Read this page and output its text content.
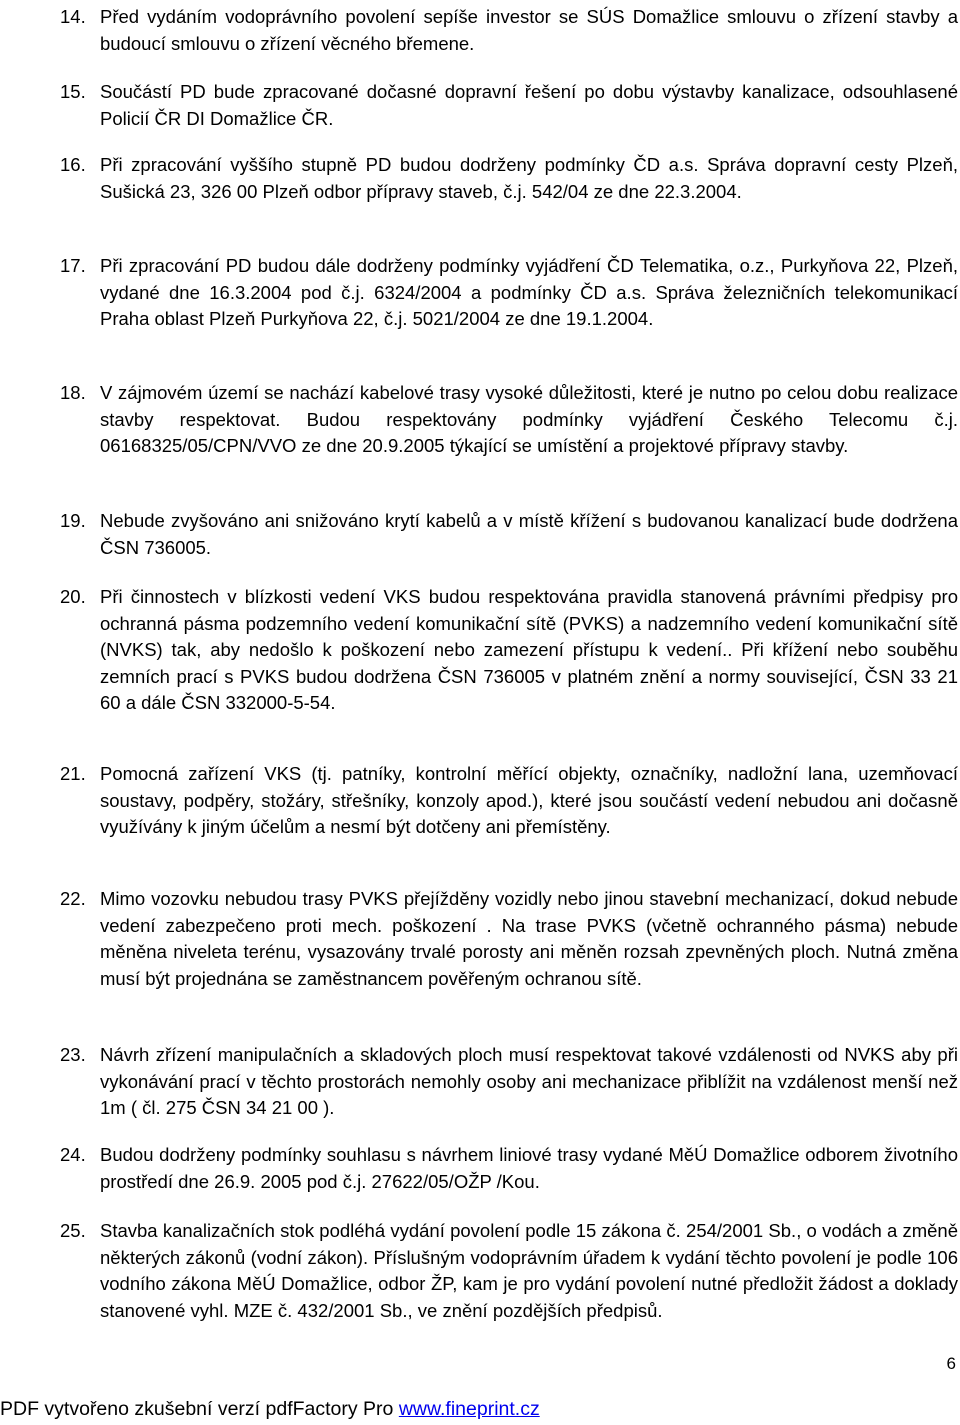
14. Před vydáním vodoprávního povolení sepíše investor se SÚS Domažlice smlouvu o zřízení stavby a budoucí smlouvu o zřízení věcného břemene.
15. Součástí PD bude zpracované dočasné dopravní řešení po dobu výstavby kanalizace, odsouhlasené Policií ČR DI Domažlice ČR.
16. Při zpracování vyššího stupně PD budou dodrženy podmínky ČD a.s. Správa dopravní cesty Plzeň, Sušická 23, 326 00 Plzeň odbor přípravy staveb, č.j. 542/04 ze dne 22.3.2004.
17. Při zpracování PD budou dále dodrženy podmínky vyjádření ČD Telematika, o.z., Purkyňova 22, Plzeň, vydané dne 16.3.2004 pod č.j. 6324/2004 a podmínky ČD a.s. Správa železničních telekomunikací Praha oblast Plzeň Purkyňova 22, č.j. 5021/2004 ze dne 19.1.2004.
18. V zájmovém území se nachází kabelové trasy vysoké důležitosti, které je nutno po celou dobu realizace stavby respektovat. Budou respektovány podmínky vyjádření Českého Telecomu č.j. 06168325/05/CPN/VVO ze dne 20.9.2005 týkající se umístění a projektové přípravy stavby.
19. Nebude zvyšováno ani snižováno krytí kabelů a v místě křížení s budovanou kanalizací bude dodržena ČSN 736005.
20. Při činnostech v blízkosti vedení VKS budou respektována pravidla stanovená právními předpisy pro ochranná pásma podzemního vedení komunikační sítě (PVKS) a nadzemního vedení komunikační sítě (NVKS) tak, aby nedošlo k poškození nebo zamezení přístupu k vedení.. Při křížení nebo souběhu zemních prací s PVKS budou dodržena ČSN 736005 v platném znění a normy související, ČSN 33 21 60 a dále ČSN 332000-5-54.
21. Pomocná zařízení VKS (tj. patníky, kontrolní měřící objekty, označníky, nadložní lana, uzemňovací soustavy, podpěry, stožáry, střešníky, konzoly apod.), které jsou součástí vedení nebudou ani dočasně využívány k jiným účelům a nesmí být dotčeny ani přemístěny.
22. Mimo vozovku nebudou trasy PVKS přejížděny vozidly nebo jinou stavební mechanizací, dokud nebude vedení zabezpečeno proti mech. poškození . Na trase PVKS (včetně ochranného pásma) nebude měněna niveleta terénu, vysazovány trvalé porosty ani měněn rozsah zpevněných ploch. Nutná změna musí být projednána se zaměstnancem pověřeným ochranou sítě.
23. Návrh zřízení manipulačních a skladových ploch musí respektovat takové vzdálenosti od NVKS aby při vykonávání prací v těchto prostorách nemohly osoby ani mechanizace přiblížit na vzdálenost menší než 1m ( čl. 275 ČSN 34 21 00 ).
24. Budou dodrženy podmínky souhlasu s návrhem liniové trasy vydané MěÚ Domažlice odborem životního prostředí dne 26.9. 2005 pod č.j. 27622/05/OŽP /Kou.
25. Stavba kanalizačních stok podléhá vydání povolení podle 15 zákona č. 254/2001 Sb., o vodách a změně některých zákonů (vodní zákon). Příslušným vodoprávním úřadem k vydání těchto povolení je podle 106 vodního zákona MěÚ Domažlice, odbor ŽP, kam je pro vydání povolení nutné předložit žádost a doklady stanovené vyhl. MZE č. 432/2001 Sb., ve znění pozdějších předpisů.
6
PDF vytvořeno zkušební verzí pdfFactory Pro www.fineprint.cz
